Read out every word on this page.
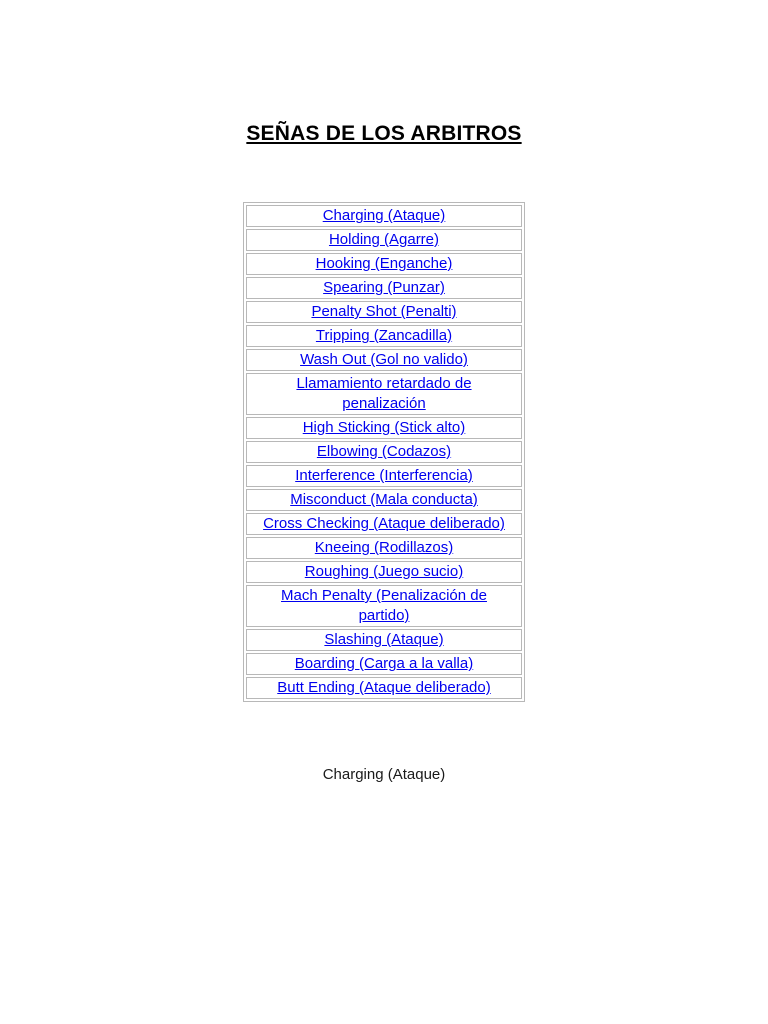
SEÑAS DE LOS ARBITROS
Charging (Ataque)
Holding (Agarre)
Hooking (Enganche)
Spearing (Punzar)
Penalty Shot (Penalti)
Tripping (Zancadilla)
Wash Out (Gol no valido)
Llamamiento retardado de penalización
High Sticking (Stick alto)
Elbowing (Codazos)
Interference (Interferencia)
Misconduct (Mala conducta)
Cross Checking (Ataque deliberado)
Kneeing (Rodillazos)
Roughing (Juego sucio)
Mach Penalty (Penalización de partido)
Slashing (Ataque)
Boarding (Carga a la valla)
Butt Ending (Ataque deliberado)
Charging (Ataque)
